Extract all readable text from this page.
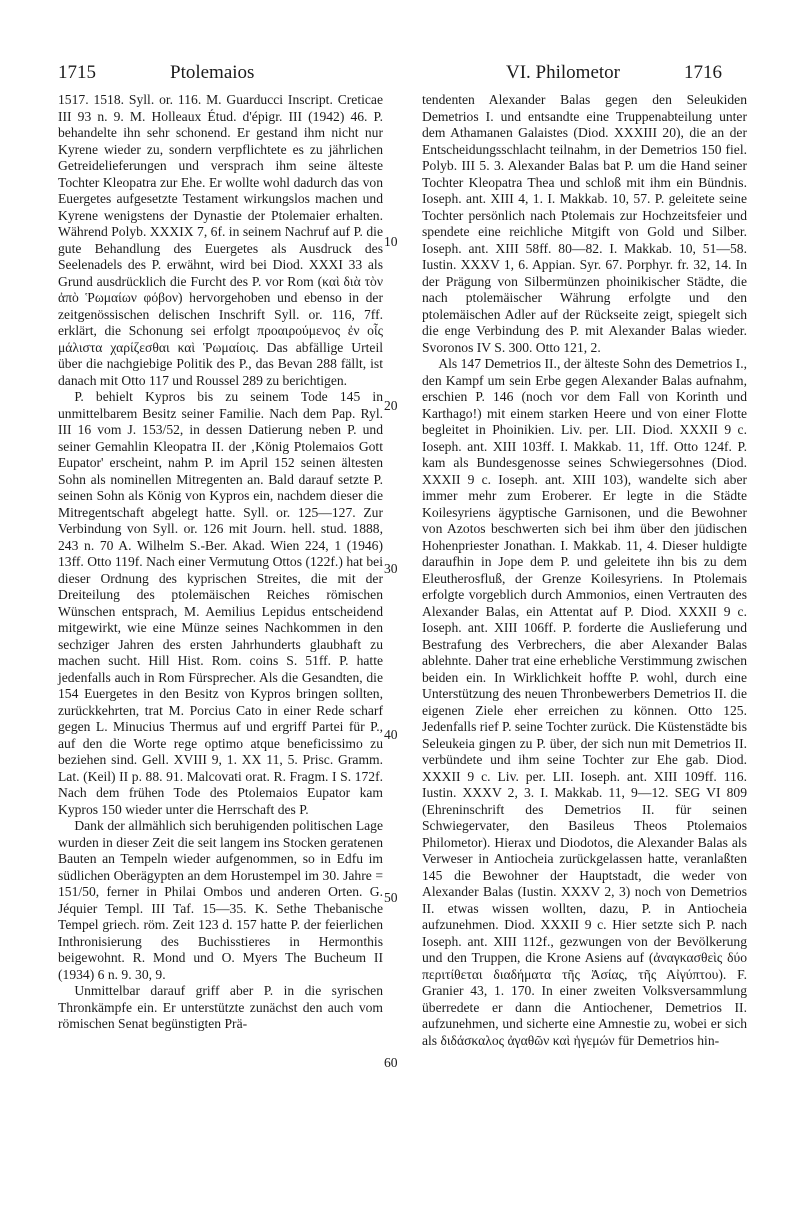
1715	Ptolemaios	VI. Philometor	1716

1517. 1518. Syll. or. 116. M. Guarducci Inscript. Creticae III 93 n. 9. M. Holleaux Étud. d'épigr. III (1942) 46. P. behandelte ihn sehr schonend. Er gestand ihm nicht nur Kyrene wieder zu, sondern verpflichtete es zu jährlichen Getreidelieferungen und versprach ihm seine älteste Tochter Kleopatra zur Ehe. Er wollte wohl dadurch das von Euergetes aufgesetzte Testament wirkungslos machen und Kyrene wenigstens der Dynastie der Ptolemaier erhalten. Während Polyb. XXXIX 7, 6f. in seinem Nachruf auf P. die gute Behandlung des Euergetes als Ausdruck des Seelenadels des P. erwähnt, wird bei Diod. XXXI 33 als Grund ausdrücklich die Furcht des P. vor Rom (καὶ διὰ τὸν ἀπὸ Ῥωμαίων φόβον) hervorgehoben und ebenso in der zeitgenössischen delischen Inschrift Syll. or. 116, 7ff. erklärt, die Schonung sei erfolgt προαιρούμενος ἐν οἷς μάλιστα χαρίζεσθαι καὶ Ῥωμαίοις. Das abfällige Urteil über die nachgiebige Politik des P., das Bevan 288 fällt, ist danach mit Otto 117 und Roussel 289 zu berichtigen.

P. behielt Kypros bis zu seinem Tode 145 in unmittelbarem Besitz seiner Familie. Nach dem Pap. Ryl. III 16 vom J. 153/52, in dessen Datierung neben P. und seiner Gemahlin Kleopatra II. der ‚König Ptolemaios Gott Eupator' erscheint, nahm P. im April 152 seinen ältesten Sohn als nominellen Mitregenten an. Bald darauf setzte P. seinen Sohn als König von Kypros ein, nachdem dieser die Mitregentschaft abgelegt hatte. Syll. or. 125—127. Zur Verbindung von Syll. or. 126 mit Journ. hell. stud. 1888, 243 n. 70 A. Wilhelm S.-Ber. Akad. Wien 224, 1 (1946) 13ff. Otto 119f. Nach einer Vermutung Ottos (122f.) hat bei dieser Ordnung des kyprischen Streites, die mit der Dreiteilung des ptolemäischen Reiches römischen Wünschen entsprach, M. Aemilius Lepidus entscheidend mitgewirkt, wie eine Münze seines Nachkommen in den sechziger Jahren des ersten Jahrhunderts glaubhaft zu machen sucht. Hill Hist. Rom. coins S. 51ff. P. hatte jedenfalls auch in Rom Fürsprecher. Als die Gesandten, die 154 Euergetes in den Besitz von Kypros bringen sollten, zurückkehrten, trat M. Porcius Cato in einer Rede scharf gegen L. Minucius Thermus auf und ergriff Partei für P., auf den die Worte rege optimo atque beneficissimo zu beziehen sind. Gell. XVIII 9, 1. XX 11, 5. Prisc. Gramm. Lat. (Keil) II p. 88. 91. Malcovati orat. R. Fragm. I S. 172f. Nach dem frühen Tode des Ptolemaios Eupator kam Kypros 150 wieder unter die Herrschaft des P.

Dank der allmählich sich beruhigenden politischen Lage wurden in dieser Zeit die seit langem ins Stocken geratenen Bauten an Tempeln wieder aufgenommen, so in Edfu im südlichen Oberägypten an dem Horustempel im 30. Jahre = 151/50, ferner in Philai Ombos und anderen Orten. G. Jéquier Templ. III Taf. 15—35. K. Sethe Thebanische Tempel griech. röm. Zeit 123 d. 157 hatte P. der feierlichen Inthronisierung des Buchisstieres in Hermonthis beigewohnt. R. Mond und O. Myers The Bucheum II (1934) 6 n. 9. 30, 9.

Unmittelbar darauf griff aber P. in die syrischen Thronkämpfe ein. Er unterstützte zunächst den auch vom römischen Senat begünstigten Prä-

10
20
30
40
50
60

tendenten Alexander Balas gegen den Seleukiden Demetrios I. und entsandte eine Truppenabteilung unter dem Athamanen Galaistes (Diod. XXXIII 20), die an der Entscheidungsschlacht teilnahm, in der Demetrios 150 fiel. Polyb. III 5. 3. Alexander Balas bat P. um die Hand seiner Tochter Kleopatra Thea und schloß mit ihm ein Bündnis. Ioseph. ant. XIII 4, 1. I. Makkab. 10, 57. P. geleitete seine Tochter persönlich nach Ptolemais zur Hochzeitsfeier und spendete eine reichliche Mitgift von Gold und Silber. Ioseph. ant. XIII 58ff. 80—82. I. Makkab. 10, 51—58. Iustin. XXXV 1, 6. Appian. Syr. 67. Porphyr. fr. 32, 14. In der Prägung von Silbermünzen phoinikischer Städte, die nach ptolemäischer Währung erfolgte und den ptolemäischen Adler auf der Rückseite zeigt, spiegelt sich die enge Verbindung des P. mit Alexander Balas wieder. Svoronos IV S. 300. Otto 121, 2.

Als 147 Demetrios II., der älteste Sohn des Demetrios I., den Kampf um sein Erbe gegen Alexander Balas aufnahm, erschien P. 146 (noch vor dem Fall von Korinth und Karthago!) mit einem starken Heere und von einer Flotte begleitet in Phoinikien. Liv. per. LII. Diod. XXXII 9 c. Ioseph. ant. XIII 103ff. I. Makkab. 11, 1ff. Otto 124f. P. kam als Bundesgenosse seines Schwiegersohnes (Diod. XXXII 9 c. Ioseph. ant. XIII 103), wandelte sich aber immer mehr zum Eroberer. Er legte in die Städte Koilesyriens ägyptische Garnisonen, und die Bewohner von Azotos beschwerten sich bei ihm über den jüdischen Hohenpriester Jonathan. I. Makkab. 11, 4. Dieser huldigte daraufhin in Jope dem P. und geleitete ihn bis zu dem Eleutherosfluß, der Grenze Koilesyriens. In Ptolemais erfolgte vorgeblich durch Ammonios, einen Vertrauten des Alexander Balas, ein Attentat auf P. Diod. XXXII 9 c. Ioseph. ant. XIII 106ff. P. forderte die Auslieferung und Bestrafung des Verbrechers, die aber Alexander Balas ablehnte. Daher trat eine erhebliche Verstimmung zwischen beiden ein. In Wirklichkeit hoffte P. wohl, durch eine Unterstützung des neuen Thronbewerbers Demetrios II. die eigenen Ziele eher erreichen zu können. Otto 125. Jedenfalls rief P. seine Tochter zurück. Die Küstenstädte bis Seleukeia gingen zu P. über, der sich nun mit Demetrios II. verbündete und ihm seine Tochter zur Ehe gab. Diod. XXXII 9 c. Liv. per. LII. Ioseph. ant. XIII 109ff. 116. Iustin. XXXV 2, 3. I. Makkab. 11, 9—12. SEG VI 809 (Ehreninschrift des Demetrios II. für seinen Schwiegervater, den Basileus Theos Ptolemaios Philometor). Hierax und Diodotos, die Alexander Balas als Verweser in Antiocheia zurückgelassen hatte, veranlaßten 145 die Bewohner der Hauptstadt, die weder von Alexander Balas (Iustin. XXXV 2, 3) noch von Demetrios II. etwas wissen wollten, dazu, P. in Antiocheia aufzunehmen. Diod. XXXII 9 c. Hier setzte sich P. nach Ioseph. ant. XIII 112f., gezwungen von der Bevölkerung und den Truppen, die Krone Asiens auf (ἀναγκασθεὶς δύο περιτίθεται διαδήματα τῆς Ἀσίας, τῆς Αἰγύπτου). F. Granier 43, 1. 170. In einer zweiten Volksversammlung überredete er dann die Antiochener, Demetrios II. aufzunehmen, und sicherte eine Amnestie zu, wobei er sich als διδάσκαλος ἀγαθῶν καὶ ἡγεμών für Demetrios hin-
